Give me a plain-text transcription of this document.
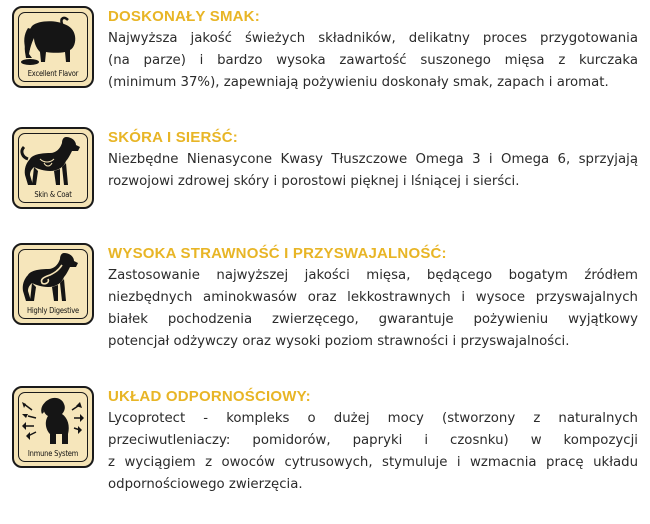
Excellent Flavor
DOSKONAŁY SMAK:
Najwyższa jakość świeżych składników, delikatny proces przygotowania
(na parze) i bardzo wysoka zawartość suszonego mięsa z kurczaka
(minimum 37%), zapewniają pożywieniu doskonały smak, zapach i aromat.
Skin & Coat
SKÓRA I SIERŚĆ:
Niezbędne Nienasycone Kwasy Tłuszczowe Omega 3 i Omega 6, sprzyjają
rozwojowi zdrowej skóry i porostowi pięknej i lśniącej i sierści.
Highly Digestive
WYSOKA STRAWNOŚĆ I PRZYSWAJALNOŚĆ:
Zastosowanie najwyższej jakości mięsa, będącego bogatym źródłem
niezbędnych aminokwasów oraz lekkostrawnych i wysoce przyswajalnych
białek pochodzenia zwierzęcego, gwarantuje pożywieniu wyjątkowy
potencjał odżywczy oraz wysoki poziom strawności i przyswajalności.
Inmune System
UKŁAD ODPORNOŚCIOWY:
Lycoprotect - kompleks o dużej mocy (stworzony z naturalnych
przeciwutleniaczy: pomidorów, papryki i czosnku) w kompozycji
z wyciągiem z owoców cytrusowych, stymuluje i wzmacnia pracę układu
odpornościowego zwierzęcia.
